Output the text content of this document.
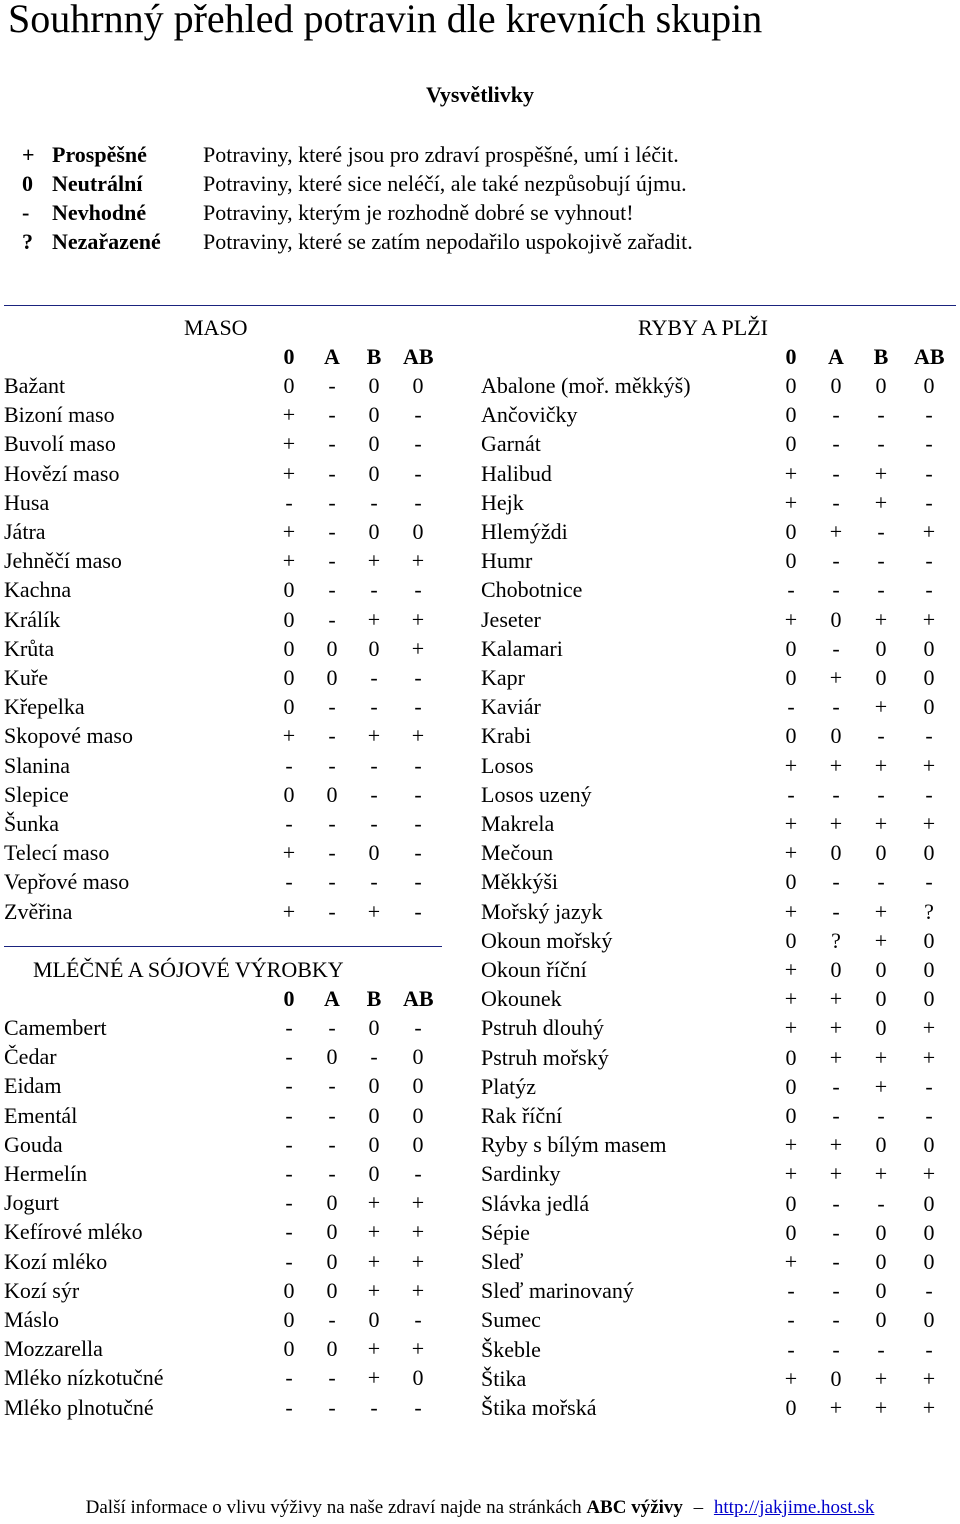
Souhrnný přehled potravin dle krevních skupin
Vysvětlivky
+ Prospěšné	Potraviny, které jsou pro zdraví prospěšné, umí i léčit.
0 Neutrální	Potraviny, které sice neléčí, ale také nezpůsobují újmu.
-	Nevhodné	Potraviny, kterým je rozhodně dobré se vyhnout!
? Nezařazené Potraviny, které se zatím nepodařilo uspokojivě zařadit.
MASO	RYBY A PLŽI
0	A	B AB
Bažant	0	-	0	0
Bizoní maso	+	-	0	-
Buvolí maso	+	-	0	-
Hovězí maso	+	-	0	-
Husa	-	-	-	-
Játra	+	-	0	0
Jehněčí maso	+	-	+	+
Kachna	0	-	-	-
Králík	0	-	+	+
Krůta	0	0	0	+
Kuře	0	0	-	-
Křepelka	0	-	-	-
Skopové maso	+	-	+	+
Slanina	-	-	-	-
Slepice	0	0	-	-
Šunka	-	-	-	-
Telecí maso	+	-	0	-
Vepřové maso	-	-	-	-
Zvěřina	+	-	+	-
0	A	B AB
Camembert	-	-	0	-
Čedar	-	0	-	0
Eidam	-	-	0	0
Ementál	-	-	0	0
Gouda	-	-	0	0
Hermelín	-	-	0	-
Jogurt	-	0	+	+
Kefírové mléko	-	0	+	+
Kozí mléko	-	0	+	+
Kozí sýr	0	0	+	+
Máslo	0	-	0	-
Mozzarella	0	0	+	+
Mléko nízkotučné	-	-	+	0
Mléko plnotučné	-	-	-	-
0	A	B	AB
Abalone (moř. měkkýš)	0	0	0	0
Ančovičky	0	-	-	-
Garnát	0	-	-	-
Halibud	+	-	+	-
Hejk	+	-	+	-
Hlemýždi	0	+	-	+
Humr	0	-	-	-
Chobotnice	-	-	-	-
Jeseter	+	0	+	+
Kalamari	0	-	0	0
Kapr	0	+	0	0
Kaviár	-	-	+	0
Krabi	0	0	-	-
Losos	+	+	+	+
Losos uzený	-	-	-	-
Makrela	+	+	+	+
Mečoun	+	0	0	0
Měkkýši	0	-	-	-
Mořský jazyk	+	-	+	?
Okoun mořský	0	?	+	0
Okoun říční	+	0	0	0
Okounek	+	+	0	0
Pstruh dlouhý	+	+	0	+
Pstruh mořský	0	+	+	+
Platýz	0	-	+	-
Rak říční	0	-	-	-
Ryby s bílým masem	+	+	0	0
Sardinky	+	+	+	+
Slávka jedlá	0	-	-	0
Sépie	0	-	0	0
Sleď	+	-	0	0
Sleď marinovaný	-	-	0	-
Sumec	-	-	0	0
Škeble	-	-	-	-
Štika	+	0	+	+
Štika mořská	0	+	+	+
MLÉČNÉ A SÓJOVÉ VÝROBKY
Další informace o vlivu výživy na naše zdraví najde na stránkách ABC výživy – http://jakjime.host.sk
